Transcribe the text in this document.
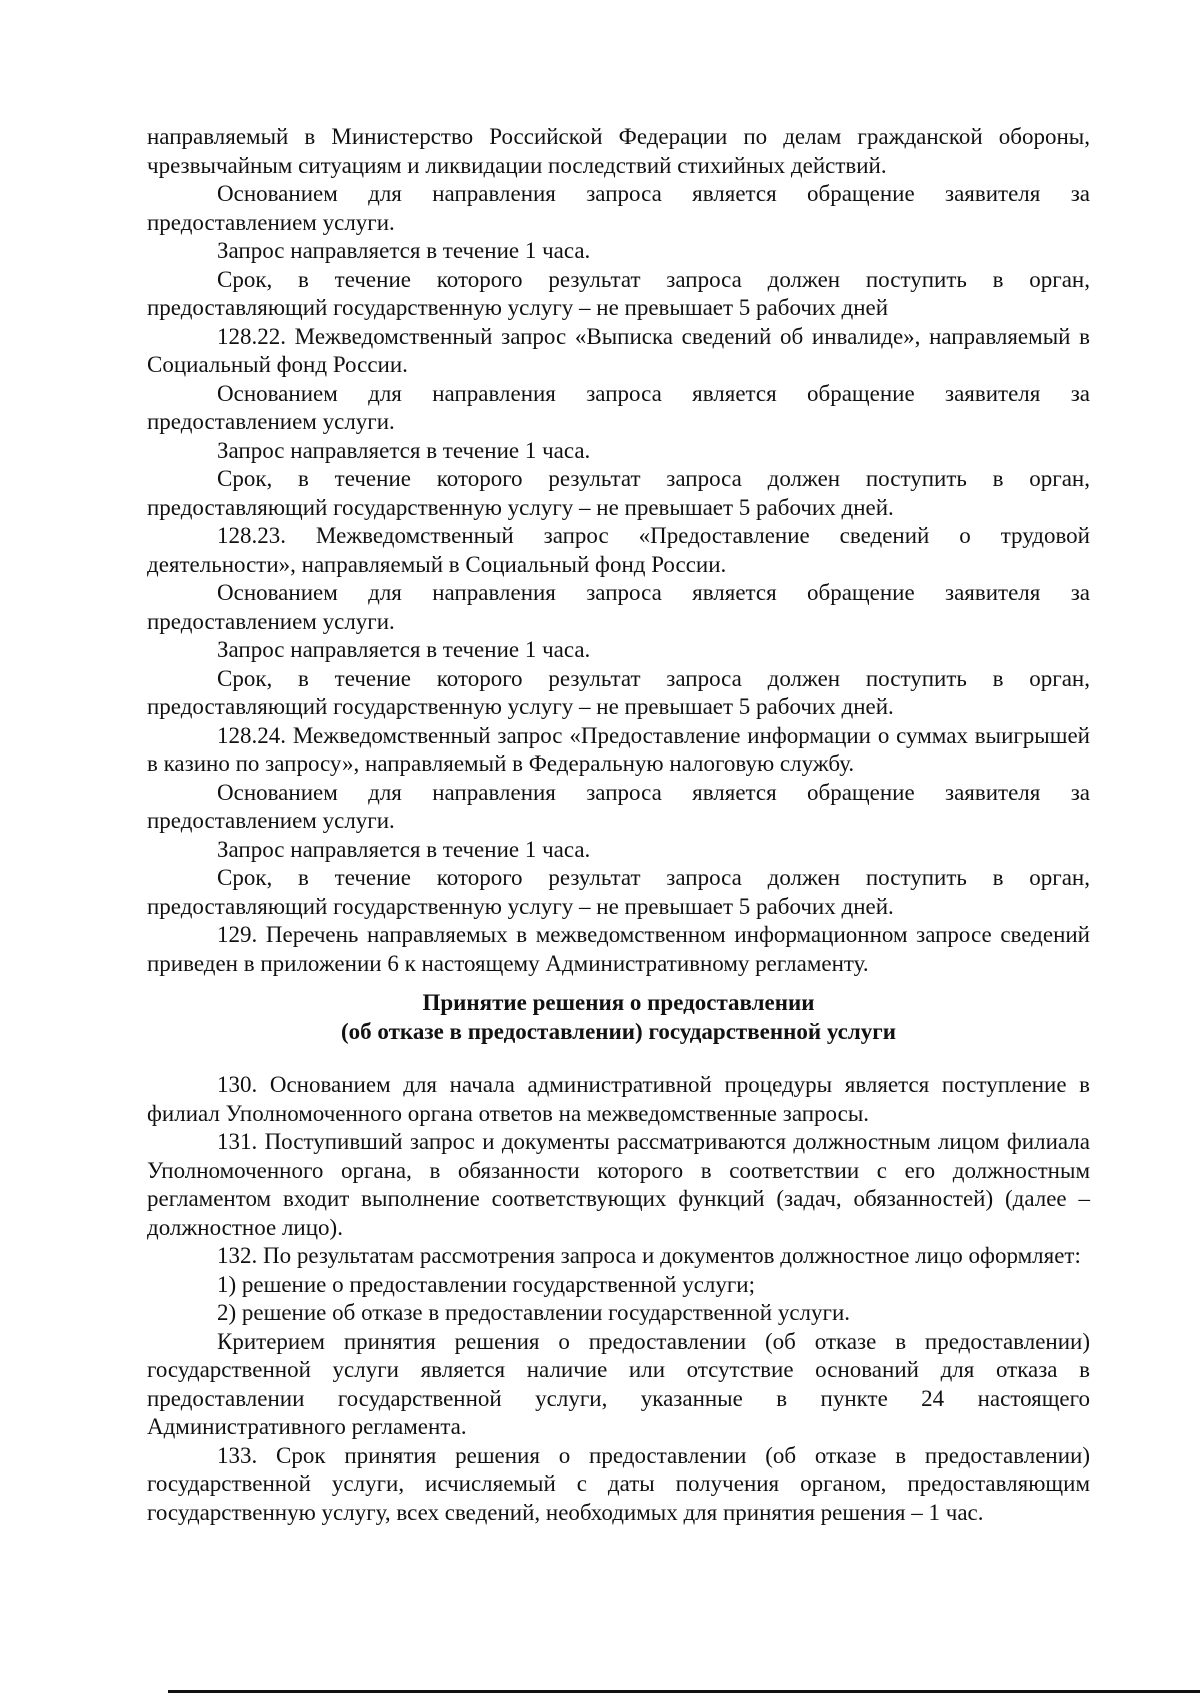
направляемый в Министерство Российской Федерации по делам гражданской обороны, чрезвычайным ситуациям и ликвидации последствий стихийных действий.

Основанием для направления запроса является обращение заявителя за предоставлением услуги.

Запрос направляется в течение 1 часа.

Срок, в течение которого результат запроса должен поступить в орган, предоставляющий государственную услугу – не превышает 5 рабочих дней

128.22. Межведомственный запрос «Выписка сведений об инвалиде», направляемый в Социальный фонд России.

Основанием для направления запроса является обращение заявителя за предоставлением услуги.

Запрос направляется в течение 1 часа.

Срок, в течение которого результат запроса должен поступить в орган, предоставляющий государственную услугу – не превышает 5 рабочих дней.

128.23. Межведомственный запрос «Предоставление сведений о трудовой деятельности», направляемый в Социальный фонд России.

Основанием для направления запроса является обращение заявителя за предоставлением услуги.

Запрос направляется в течение 1 часа.

Срок, в течение которого результат запроса должен поступить в орган, предоставляющий государственную услугу – не превышает 5 рабочих дней.

128.24. Межведомственный запрос «Предоставление информации о суммах выигрышей в казино по запросу», направляемый в Федеральную налоговую службу.

Основанием для направления запроса является обращение заявителя за предоставлением услуги.

Запрос направляется в течение 1 часа.

Срок, в течение которого результат запроса должен поступить в орган, предоставляющий государственную услугу – не превышает 5 рабочих дней.

129. Перечень направляемых в межведомственном информационном запросе сведений приведен в приложении 6 к настоящему Административному регламенту.

Принятие решения о предоставлении
(об отказе в предоставлении) государственной услуги

130. Основанием для начала административной процедуры является поступление в филиал Уполномоченного органа ответов на межведомственные запросы.

131. Поступивший запрос и документы рассматриваются должностным лицом филиала Уполномоченного органа, в обязанности которого в соответствии с его должностным регламентом входит выполнение соответствующих функций (задач, обязанностей) (далее – должностное лицо).

132. По результатам рассмотрения запроса и документов должностное лицо оформляет:

1) решение о предоставлении государственной услуги;

2) решение об отказе в предоставлении государственной услуги.

Критерием принятия решения о предоставлении (об отказе в предоставлении) государственной услуги является наличие или отсутствие оснований для отказа в предоставлении государственной услуги, указанные в пункте 24 настоящего Административного регламента.

133. Срок принятия решения о предоставлении (об отказе в предоставлении) государственной услуги, исчисляемый с даты получения органом, предоставляющим государственную услугу, всех сведений, необходимых для принятия решения – 1 час.
